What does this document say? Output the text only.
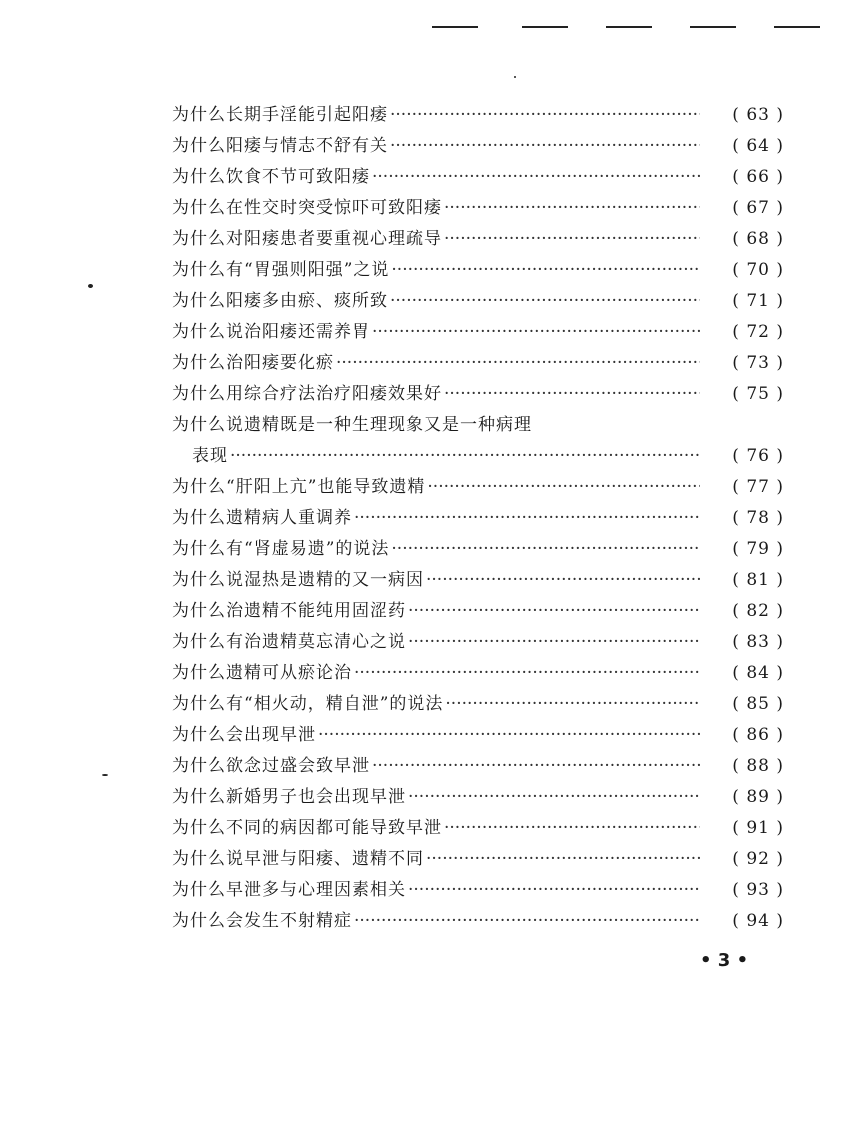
为什么长期手淫能引起阳痿 ·····	( 63 )
为什么阳痿与情志不舒有关 ·····	( 64 )
为什么饮食不节可致阳痿 ·····	( 66 )
为什么在性交时突受惊吓可致阳痿 ·····	( 67 )
为什么对阳痿患者要重视心理疏导 ·····	( 68 )
为什么有“胃强则阳强”之说 ·····	( 70 )
为什么阳痿多由瘀、痰所致 ·····	( 71 )
为什么说治阳痿还需养胃 ·····	( 72 )
为什么治阳痿要化瘀 ·····	( 73 )
为什么用综合疗法治疗阳痿效果好 ·····	( 75 )
为什么说遗精既是一种生理现象又是一种病理
表现 ·····	( 76 )
为什么“肝阳上亢”也能导致遗精 ·····	( 77 )
为什么遗精病人重调养 ·····	( 78 )
为什么有“肾虚易遗”的说法 ·····	( 79 )
为什么说湿热是遗精的又一病因 ·····	( 81 )
为什么治遗精不能纯用固涩药 ·····	( 82 )
为什么有治遗精莫忘清心之说 ·····	( 83 )
为什么遗精可从瘀论治 ·····	( 84 )
为什么有“相火动，精自泄”的说法 ·····	( 85 )
为什么会出现早泄 ·····	( 86 )
为什么欲念过盛会致早泄 ·····	( 88 )
为什么新婚男子也会出现早泄 ·····	( 89 )
为什么不同的病因都可能导致早泄 ·····	( 91 )
为什么说早泄与阳痿、遗精不同 ·····	( 92 )
为什么早泄多与心理因素相关 ·····	( 93 )
为什么会发生不射精症 ·····	( 94 )
• 3 •
